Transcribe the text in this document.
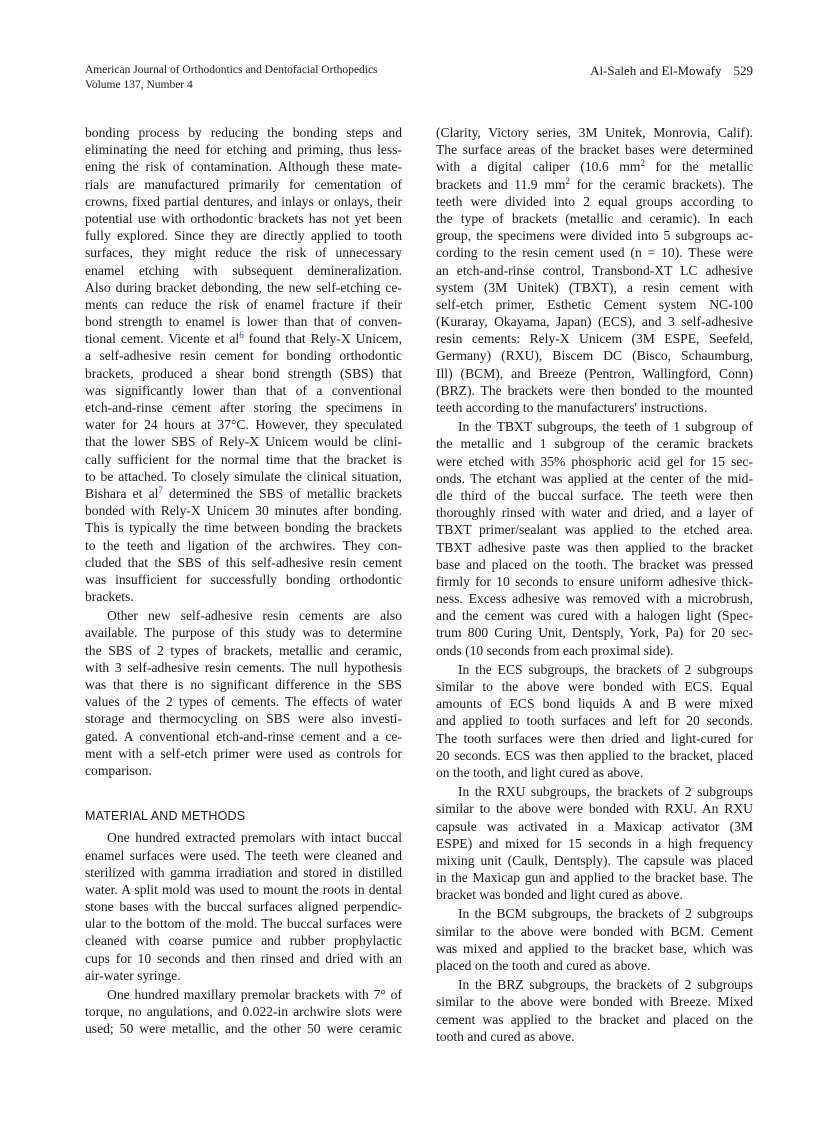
American Journal of Orthodontics and Dentofacial Orthopedics
Volume 137, Number 4
Al-Saleh and El-Mowafy 529
bonding process by reducing the bonding steps and
eliminating the need for etching and priming, thus less-
ening the risk of contamination. Although these mate-
rials are manufactured primarily for cementation of
crowns, fixed partial dentures, and inlays or onlays, their
potential use with orthodontic brackets has not yet been
fully explored. Since they are directly applied to tooth
surfaces, they might reduce the risk of unnecessary
enamel etching with subsequent demineralization.
Also during bracket debonding, the new self-etching ce-
ments can reduce the risk of enamel fracture if their
bond strength to enamel is lower than that of conven-
tional cement. Vicente et al$^6$ found that Rely-X Unicem,
a self-adhesive resin cement for bonding orthodontic
brackets, produced a shear bond strength (SBS) that
was significantly lower than that of a conventional
etch-and-rinse cement after storing the specimens in
water for 24 hours at 37°C. However, they speculated
that the lower SBS of Rely-X Unicem would be clini-
cally sufficient for the normal time that the bracket is
to be attached. To closely simulate the clinical situation,
Bishara et al$^7$ determined the SBS of metallic brackets
bonded with Rely-X Unicem 30 minutes after bonding.
This is typically the time between bonding the brackets
to the teeth and ligation of the archwires. They con-
cluded that the SBS of this self-adhesive resin cement
was insufficient for successfully bonding orthodontic
brackets.
Other new self-adhesive resin cements are also
available. The purpose of this study was to determine
the SBS of 2 types of brackets, metallic and ceramic,
with 3 self-adhesive resin cements. The null hypothesis
was that there is no significant difference in the SBS
values of the 2 types of cements. The effects of water
storage and thermocycling on SBS were also investi-
gated. A conventional etch-and-rinse cement and a ce-
ment with a self-etch primer were used as controls for
comparison.
MATERIAL AND METHODS
One hundred extracted premolars with intact buccal
enamel surfaces were used. The teeth were cleaned and
sterilized with gamma irradiation and stored in distilled
water. A split mold was used to mount the roots in dental
stone bases with the buccal surfaces aligned perpendic-
ular to the bottom of the mold. The buccal surfaces were
cleaned with coarse pumice and rubber prophylactic
cups for 10 seconds and then rinsed and dried with an
air-water syringe.
One hundred maxillary premolar brackets with 7° of
torque, no angulations, and 0.022-in archwire slots were
used; 50 were metallic, and the other 50 were ceramic
(Clarity, Victory series, 3M Unitek, Monrovia, Calif).
The surface areas of the bracket bases were determined
with a digital caliper (10.6 $mm^2$ for the metallic
brackets and 11.9 $mm^2$ for the ceramic brackets). The
teeth were divided into 2 equal groups according to
the type of brackets (metallic and ceramic). In each
group, the specimens were divided into 5 subgroups ac-
cording to the resin cement used (n = 10). These were
an etch-and-rinse control, Transbond-XT LC adhesive
system (3M Unitek) (TBXT), a resin cement with
self-etch primer, Esthetic Cement system NC-100
(Kuraray, Okayama, Japan) (ECS), and 3 self-adhesive
resin cements: Rely-X Unicem (3M ESPE, Seefeld,
Germany) (RXU), Biscem DC (Bisco, Schaumburg,
Ill) (BCM), and Breeze (Pentron, Wallingford, Conn)
(BRZ). The brackets were then bonded to the mounted
teeth according to the manufacturers' instructions.
In the TBXT subgroups, the teeth of 1 subgroup of
the metallic and 1 subgroup of the ceramic brackets
were etched with 35% phosphoric acid gel for 15 sec-
onds. The etchant was applied at the center of the mid-
dle third of the buccal surface. The teeth were then
thoroughly rinsed with water and dried, and a layer of
TBXT primer/sealant was applied to the etched area.
TBXT adhesive paste was then applied to the bracket
base and placed on the tooth. The bracket was pressed
firmly for 10 seconds to ensure uniform adhesive thick-
ness. Excess adhesive was removed with a microbrush,
and the cement was cured with a halogen light (Spec-
trum 800 Curing Unit, Dentsply, York, Pa) for 20 sec-
onds (10 seconds from each proximal side).
In the ECS subgroups, the brackets of 2 subgroups
similar to the above were bonded with ECS. Equal
amounts of ECS bond liquids A and B were mixed
and applied to tooth surfaces and left for 20 seconds.
The tooth surfaces were then dried and light-cured for
20 seconds. ECS was then applied to the bracket, placed
on the tooth, and light cured as above.
In the RXU subgroups, the brackets of 2 subgroups
similar to the above were bonded with RXU. An RXU
capsule was activated in a Maxicap activator (3M
ESPE) and mixed for 15 seconds in a high frequency
mixing unit (Caulk, Dentsply). The capsule was placed
in the Maxicap gun and applied to the bracket base. The
bracket was bonded and light cured as above.
In the BCM subgroups, the brackets of 2 subgroups
similar to the above were bonded with BCM. Cement
was mixed and applied to the bracket base, which was
placed on the tooth and cured as above.
In the BRZ subgroups, the brackets of 2 subgroups
similar to the above were bonded with Breeze. Mixed
cement was applied to the bracket and placed on the
tooth and cured as above.
